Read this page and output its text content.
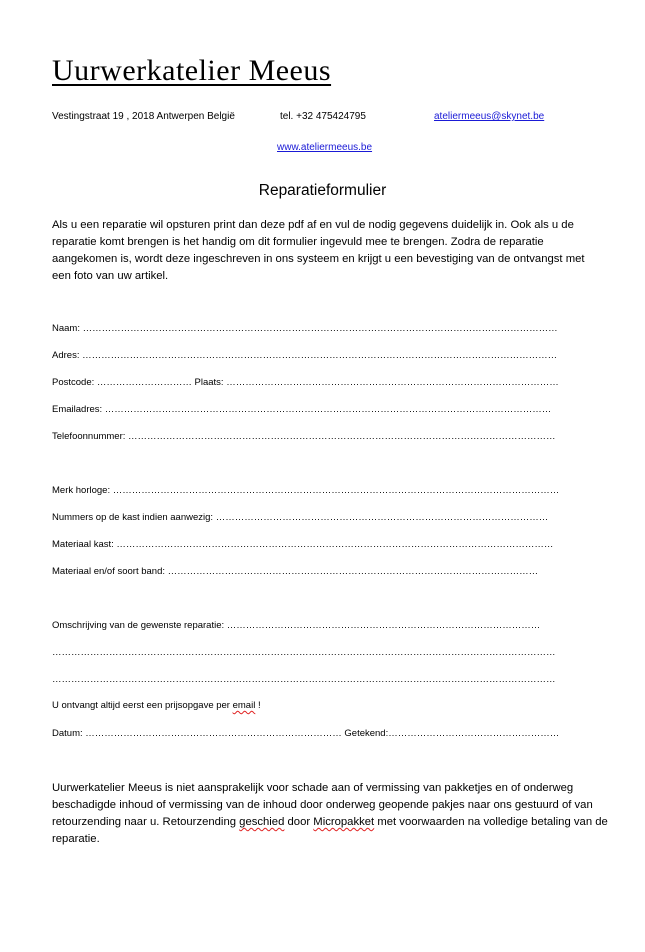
Uurwerkatelier Meeus
Vestingstraat 19 , 2018 Antwerpen België	tel. +32 475424795	ateliermeeus@skynet.be
www.ateliermeeus.be
Reparatieformulier
Als u een reparatie wil opsturen print dan deze pdf af en vul de nodig gegevens duidelijk in. Ook als u de reparatie komt brengen is het handig om dit formulier ingevuld mee te brengen. Zodra de reparatie aangekomen is, wordt deze ingeschreven in ons systeem en krijgt u een bevestiging van de ontvangst met een foto van uw artikel.
Naam: ……………………………………………………………………………………………………………………………………
Adres: ……………………………………………………………………………………………………………………………………
Postcode: ………………………… Plaats: ……………………………………………………………………………………………
Emailadres: ……………………………………………………………………………………………………………………………
Telefoonnummer: ………………………………………………………………………………………………………………………
Merk horloge: ……………………………………………………………………………………………………………………………
Nummers op de kast indien aanwezig: ……………………………………………………………………………………………
Materiaal kast: …………………………………………………………………………………………………………………………
Materiaal en/of soort band: ………………………………………………………………………………………………………
Omschrijving van de gewenste reparatie: ………………………………………………………………………………………
……………………………………………………………………………………………………………………………………………
……………………………………………………………………………………………………………………………………………
U ontvangt altijd eerst een prijsopgave per email !
Datum: ……………………………………………………………………… Getekend:………………………………………………
Uurwerkatelier Meeus is niet aansprakelijk voor schade aan of vermissing van pakketjes en of onderweg beschadigde inhoud of vermissing van de inhoud door onderweg geopende pakjes naar ons gestuurd of van retourzending naar u. Retourzending geschied door Micropakket met voorwaarden na volledige betaling van de reparatie.
